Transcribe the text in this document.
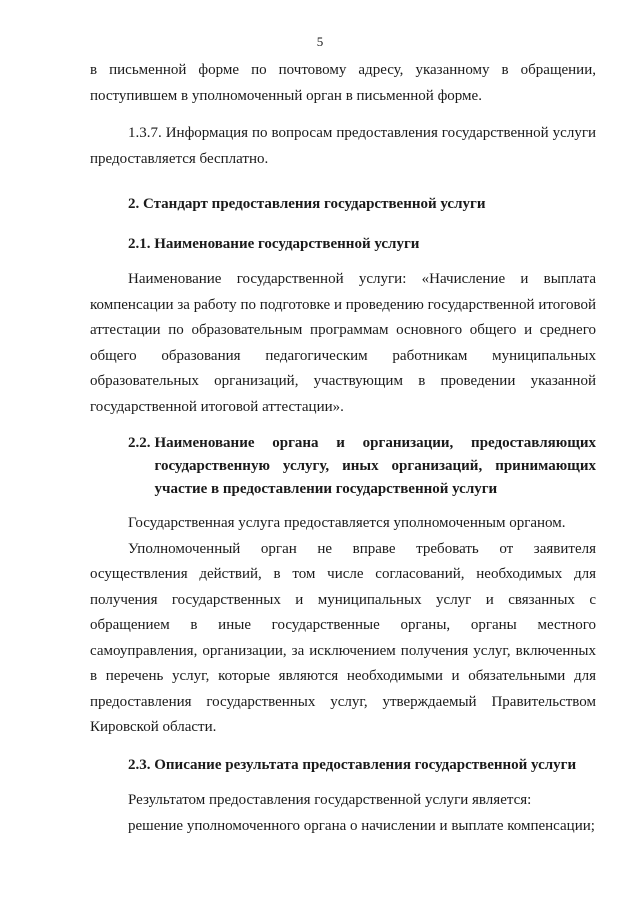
5

в письменной форме по почтовому адресу, указанному в обращении, поступившем в уполномоченный орган в письменной форме.

1.3.7. Информация по вопросам предоставления государственной услуги предоставляется бесплатно.

2. Стандарт предоставления государственной услуги
2.1. Наименование государственной услуги

Наименование государственной услуги: «Начисление и выплата компенсации за работу по подготовке и проведению государственной итоговой аттестации по образовательным программам основного общего и среднего общего образования педагогическим работникам муниципальных образовательных организаций, участвующим в проведении указанной государственной итоговой аттестации».

2.2. Наименование органа и организации, предоставляющих государственную услугу, иных организаций, принимающих участие в предоставлении государственной услуги

Государственная услуга предоставляется уполномоченным органом.

Уполномоченный орган не вправе требовать от заявителя осуществления действий, в том числе согласований, необходимых для получения государственных и муниципальных услуг и связанных с обращением в иные государственные органы, органы местного самоуправления, организации, за исключением получения услуг, включенных в перечень услуг, которые являются необходимыми и обязательными для предоставления государственных услуг, утверждаемый Правительством Кировской области.

2.3. Описание результата предоставления государственной услуги

Результатом предоставления государственной услуги является:

решение уполномоченного органа о начислении и выплате компенсации;
